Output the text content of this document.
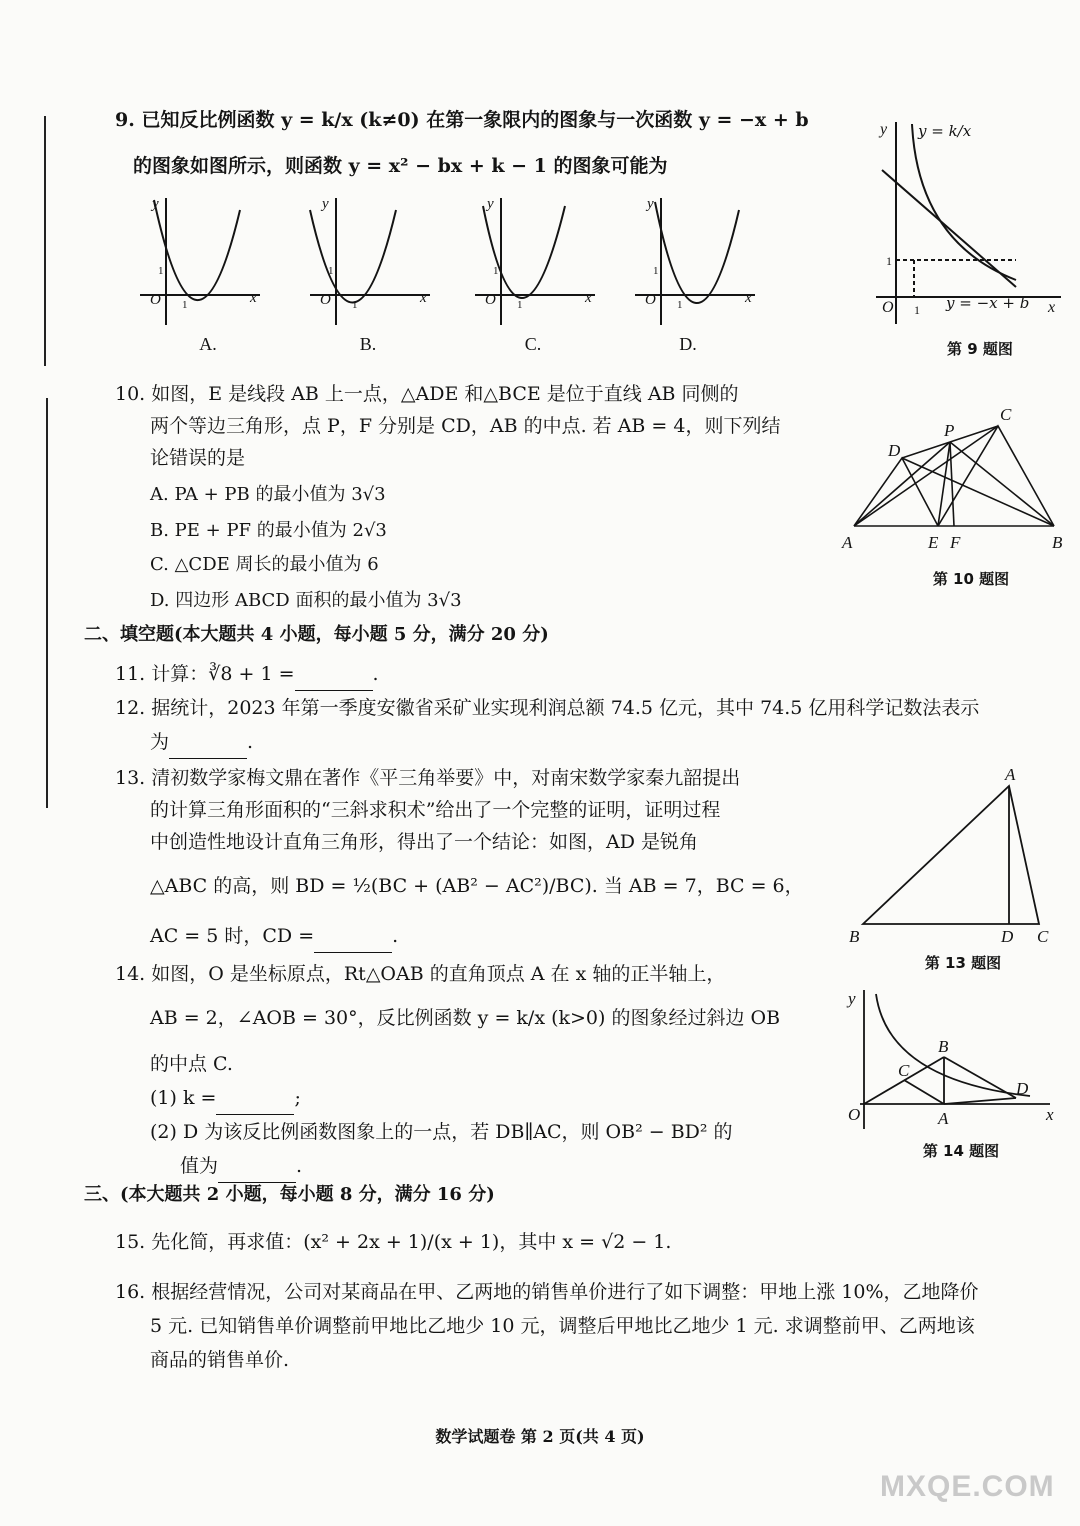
9. 已知反比例函数 y = k/x (k≠0) 在第一象限内的图象与一次函数 y = −x + b
的图象如图所示，则函数 y = x² − bx + k − 1 的图象可能为
y
x
O
1
1
y
x
O
1
1
y
x
O
1
1
y
x
O
1
1
A.	B.	C.	D.
y
O	x
1
1
y = k/x
y = −x + b
第 9 题图
10. 如图，E 是线段 AB 上一点，△ADE 和△BCE 是位于直线 AB 同侧的
两个等边三角形，点 P，F 分别是 CD，AB 的中点. 若 AB = 4，则下列结
论错误的是
A. PA + PB 的最小值为 3√3
B. PE + PF 的最小值为 2√3
C. △CDE 周长的最小值为 6
D. 四边形 ABCD 面积的最小值为 3√3
A
D
P
C
E F	B
第 10 题图
二、填空题(本大题共 4 小题，每小题 5 分，满分 20 分)
11. 计算：∛8 + 1 =	.
12. 据统计，2023 年第一季度安徽省采矿业实现利润总额 74.5 亿元，其中 74.5 亿用科学记数法表示
为	.
13. 清初数学家梅文鼎在著作《平三角举要》中，对南宋数学家秦九韶提出
的计算三角形面积的“三斜求积术”给出了一个完整的证明，证明过程
中创造性地设计直角三角形，得出了一个结论：如图，AD 是锐角
△ABC 的高，则 BD = ½(BC + (AB² − AC²)/BC). 当 AB = 7，BC = 6，
AC = 5 时，CD =	.
A
B	D C
第 13 题图
14. 如图，O 是坐标原点，Rt△OAB 的直角顶点 A 在 x 轴的正半轴上，
AB = 2，∠AOB = 30°，反比例函数 y = k/x (k>0) 的图象经过斜边 OB
的中点 C.
(1) k =	;
(2) D 为该反比例函数图象上的一点，若 DB∥AC，则 OB² − BD² 的
值为	.
y
O	x
C
B
A
D
第 14 题图
三、(本大题共 2 小题，每小题 8 分，满分 16 分)
15. 先化简，再求值：(x² + 2x + 1)/(x + 1)，其中 x = √2 − 1.
16. 根据经营情况，公司对某商品在甲、乙两地的销售单价进行了如下调整：甲地上涨 10%，乙地降价
5 元. 已知销售单价调整前甲地比乙地少 10 元，调整后甲地比乙地少 1 元. 求调整前甲、乙两地该
商品的销售单价.
数学试题卷 第 2 页(共 4 页)
MXQE.COM
